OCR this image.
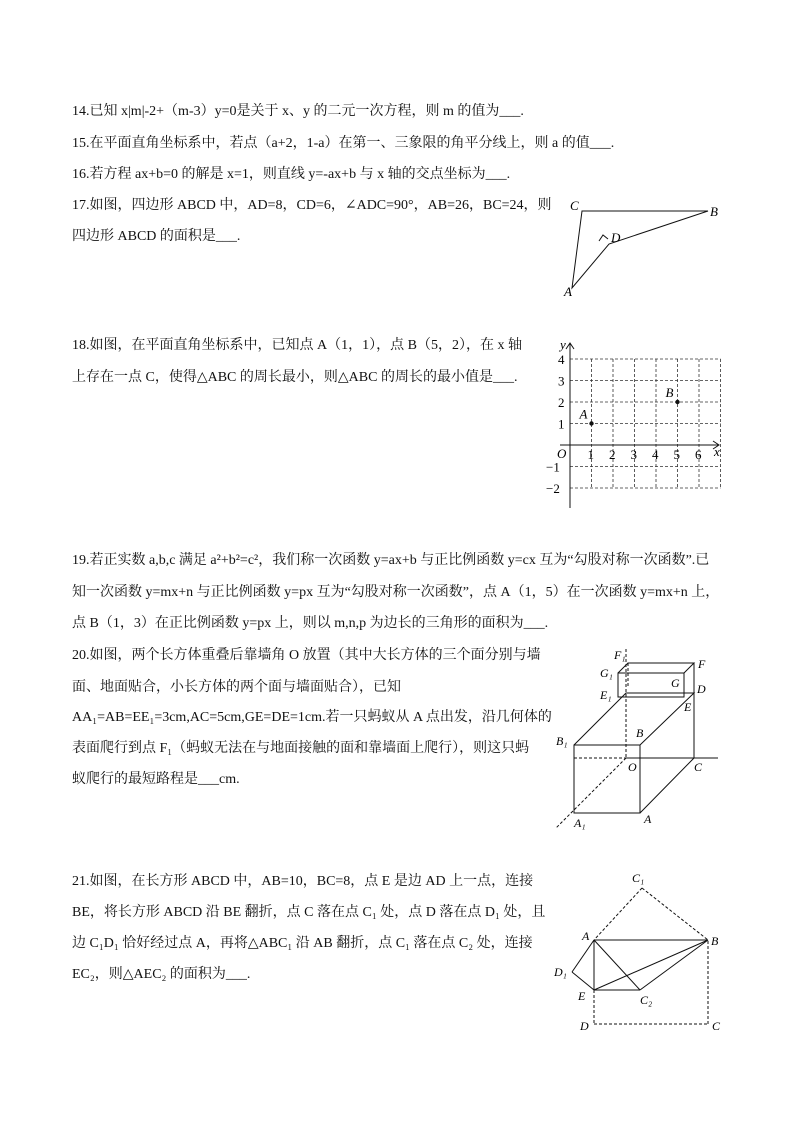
14.已知 x|m|-2+（m-3）y=0是关于 x、y 的二元一次方程，则 m 的值为___.
15.在平面直角坐标系中，若点（a+2，1-a）在第一、三象限的角平分线上，则 a 的值___.
16.若方程 ax+b=0 的解是 x=1，则直线 y=-ax+b 与 x 轴的交点坐标为___.
17.如图，四边形 ABCD 中，AD=8，CD=6，∠ADC=90°，AB=26，BC=24，则
四边形 ABCD 的面积是___.
18.如图，在平面直角坐标系中，已知点 A（1，1），点 B（5，2），在 x 轴
上存在一点 C，使得△ABC 的周长最小，则△ABC 的周长的最小值是___.
19.若正实数 a,b,c 满足 a²+b²=c²，我们称一次函数 y=ax+b 与正比例函数 y=cx 互为“勾股对称一次函数”.已
知一次函数 y=mx+n 与正比例函数 y=px 互为“勾股对称一次函数”，点 A（1，5）在一次函数 y=mx+n 上，
点 B（1，3）在正比例函数 y=px 上，则以 m,n,p 为边长的三角形的面积为___.
20.如图，两个长方体重叠后靠墙角 O 放置（其中大长方体的三个面分别与墙
面、地面贴合，小长方体的两个面与墙面贴合），已知
AA₁=AB=EE₁=3cm,AC=5cm,GE=DE=1cm.若一只蚂蚁从 A 点出发，沿几何体的
表面爬行到点 F₁（蚂蚁无法在与地面接触的面和靠墙面上爬行），则这只蚂
蚁爬行的最短路程是___cm.
21.如图，在长方形 ABCD 中，AB=10，BC=8，点 E 是边 AD 上一点，连接
BE，将长方形 ABCD 沿 BE 翻折，点 C 落在点 C₁ 处，点 D 落在点 D₁ 处，且
边 C₁D₁ 恰好经过点 A，再将△ABC₁ 沿 AB 翻折，点 C₁ 落在点 C₂ 处，连接
EC₂，则△AEC₂ 的面积为___.
C	B
D
A
1 2 3 4 5 6
4
3
2
1
−1
−2
x
y
O
A
B
F₁
F
G₁
G
E₁	D
E
B₁
B
O	C
A₁	A
C₁
A	B
D₁
E	C₂
D	C
